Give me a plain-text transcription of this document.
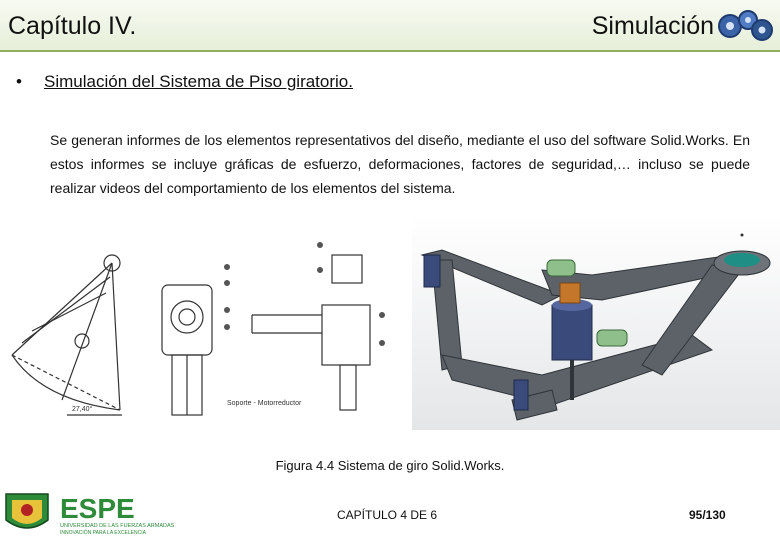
Capítulo IV.	Simulación
• Simulación del Sistema de Piso giratorio.
Se generan informes de los elementos representativos del diseño, mediante el uso del software Solid.Works. En estos informes se incluye gráficas de esfuerzo, deformaciones, factores de seguridad,… incluso se puede realizar videos del comportamiento de los elementos del sistema.
27,40°
Soporte - Motorreductor
Figura 4.4 Sistema de giro Solid.Works.
ESPE
UNIVERSIDAD DE LAS FUERZAS ARMADAS
INNOVACIÓN PARA LA EXCELENCIA
CAPÍTULO 4 DE 6	95/130
